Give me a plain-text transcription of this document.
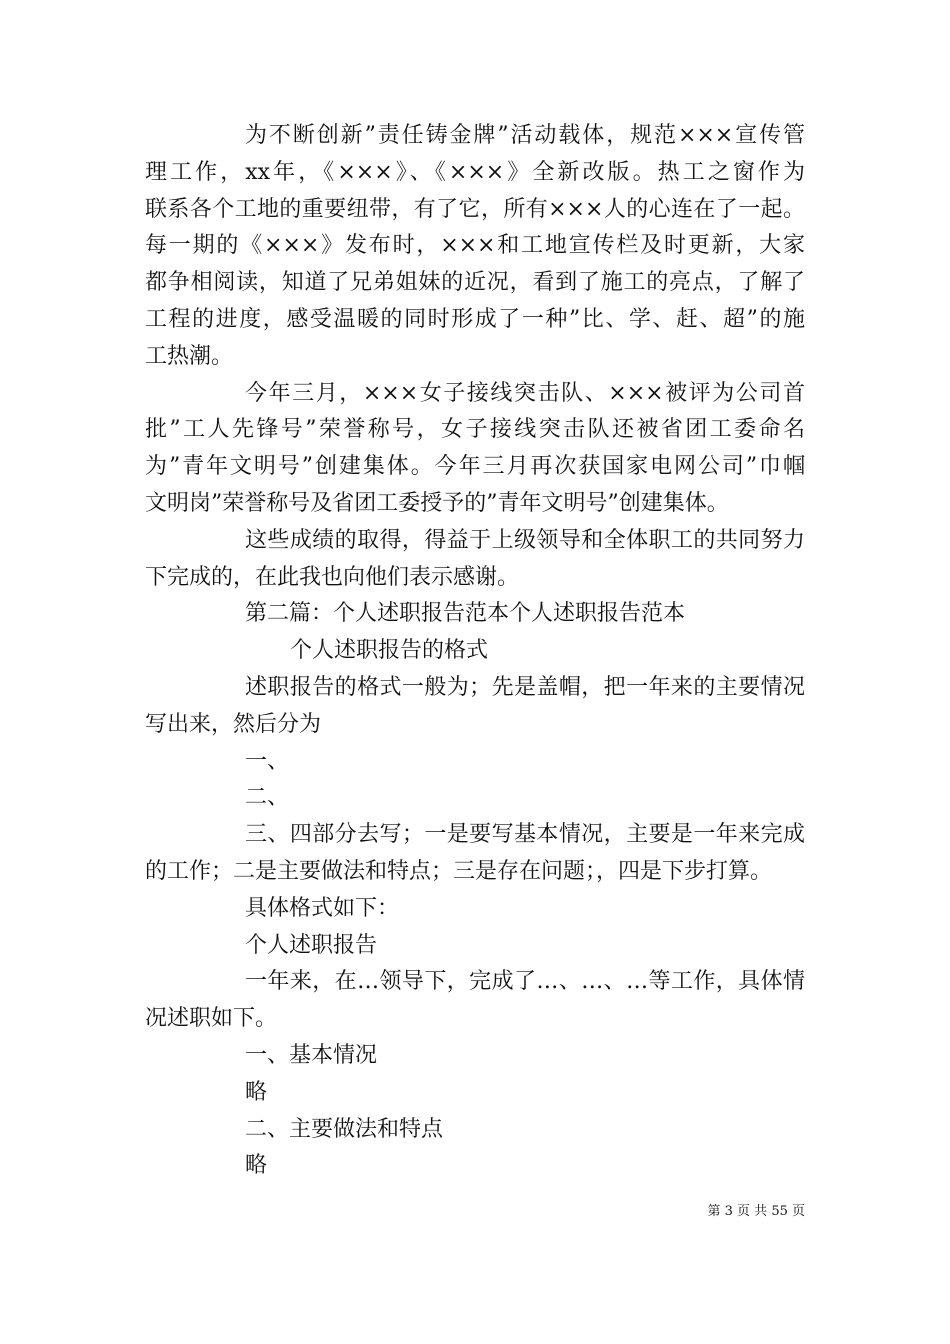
为不断创新”责任铸金牌”活动载体，规范×××宣传管
理工作，xx年，《×××》、《×××》全新改版。热工之窗作为
联系各个工地的重要纽带，有了它，所有×××人的心连在了一起。
每一期的《×××》发布时，×××和工地宣传栏及时更新，大家
都争相阅读，知道了兄弟姐妹的近况，看到了施工的亮点，了解了
工程的进度，感受温暖的同时形成了一种”比、学、赶、超”的施
工热潮。
今年三月，×××女子接线突击队、×××被评为公司首
批”工人先锋号”荣誉称号，女子接线突击队还被省团工委命名
为”青年文明号”创建集体。今年三月再次获国家电网公司”巾帼
文明岗”荣誉称号及省团工委授予的”青年文明号”创建集体。
这些成绩的取得，得益于上级领导和全体职工的共同努力
下完成的，在此我也向他们表示感谢。
第二篇：个人述职报告范本个人述职报告范本
个人述职报告的格式
述职报告的格式一般为；先是盖帽，把一年来的主要情况
写出来，然后分为
一、
二、
三、四部分去写；一是要写基本情况，主要是一年来完成
的工作；二是主要做法和特点；三是存在问题；，四是下步打算。
具体格式如下：
个人述职报告
一年来，在…领导下，完成了…、…、…等工作，具体情
况述职如下。
一、基本情况
略
二、主要做法和特点
略
第 3 页 共 55 页
